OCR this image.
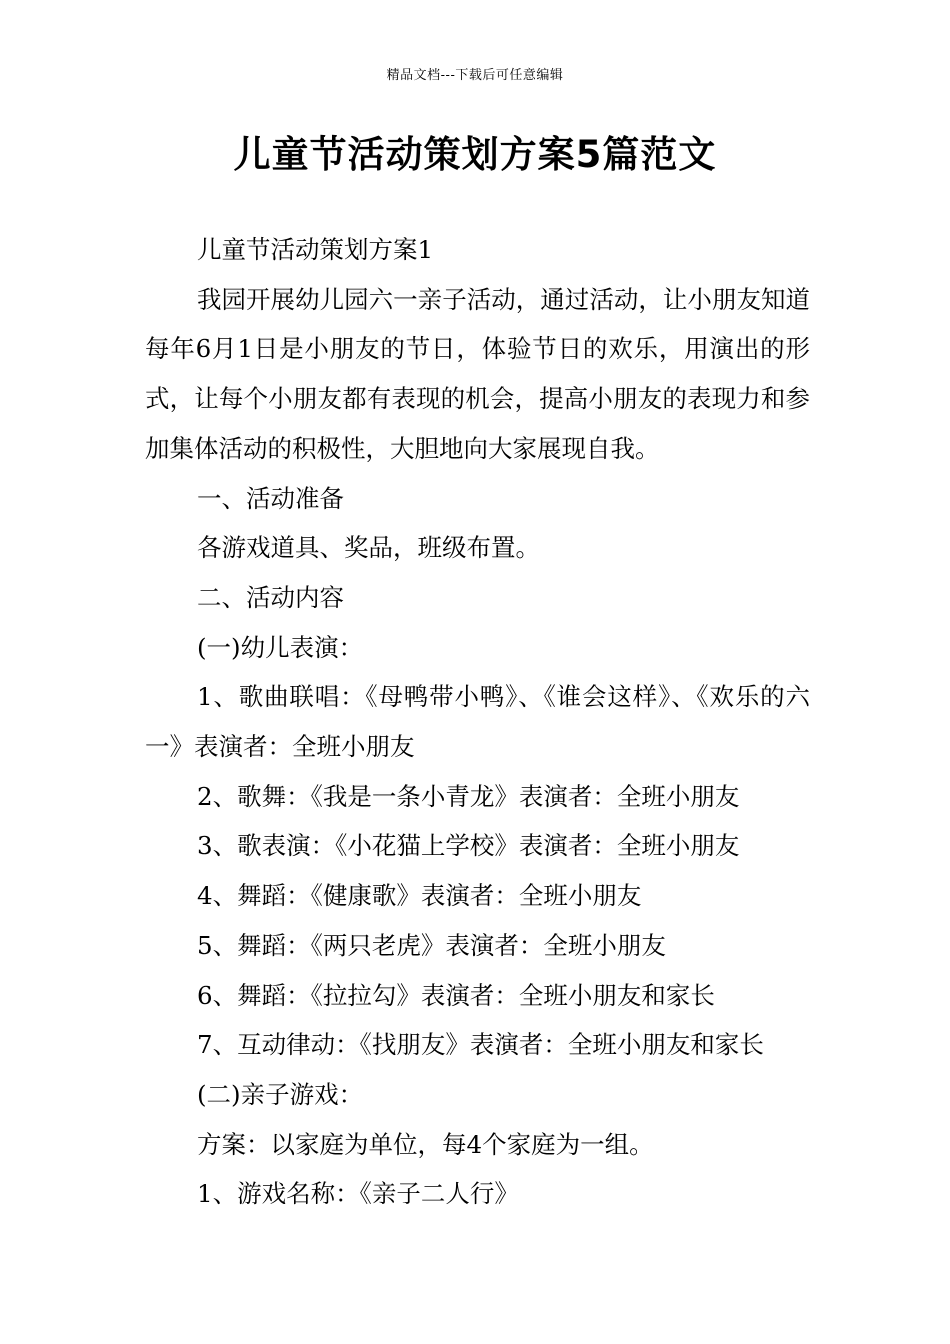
精品文档---下载后可任意编辑
儿童节活动策划方案5篇范文

儿童节活动策划方案1

我园开展幼儿园六一亲子活动，通过活动，让小朋友知道每年6月1日是小朋友的节日，体验节日的欢乐，用演出的形式，让每个小朋友都有表现的机会，提高小朋友的表现力和参加集体活动的积极性，大胆地向大家展现自我。

一、活动准备

各游戏道具、奖品，班级布置。

二、活动内容

(一)幼儿表演：

1、歌曲联唱：《母鸭带小鸭》、《谁会这样》、《欢乐的六一》表演者：全班小朋友

2、歌舞：《我是一条小青龙》表演者：全班小朋友

3、歌表演：《小花猫上学校》表演者：全班小朋友

4、舞蹈：《健康歌》表演者：全班小朋友

5、舞蹈：《两只老虎》表演者：全班小朋友

6、舞蹈：《拉拉勾》表演者：全班小朋友和家长

7、互动律动：《找朋友》表演者：全班小朋友和家长

(二)亲子游戏：

方案：以家庭为单位，每4个家庭为一组。

1、游戏名称：《亲子二人行》
